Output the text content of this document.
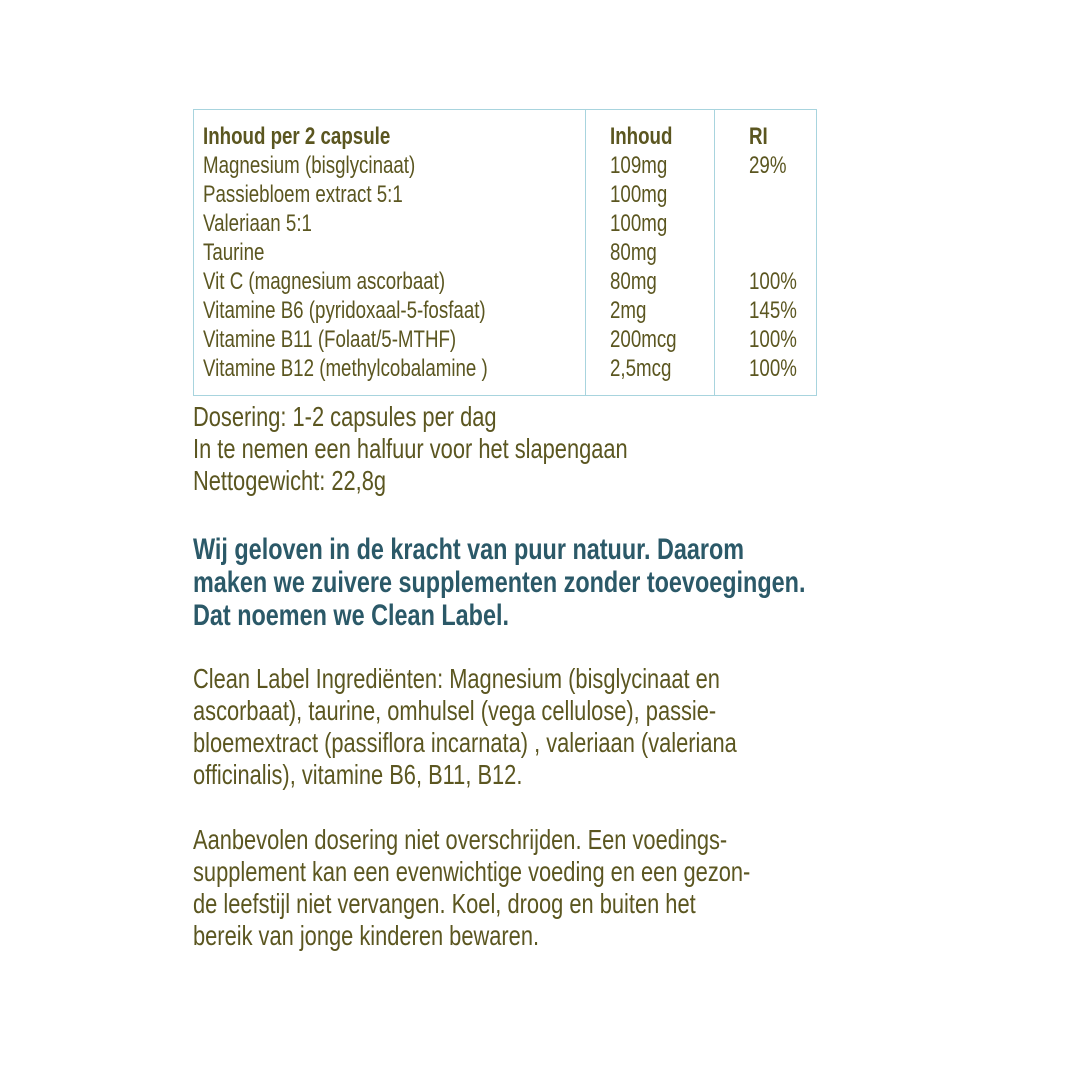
Inhoud per 2 capsule
Magnesium (bisglycinaat)
Passiebloem extract 5:1
Valeriaan 5:1
Taurine
Vit C (magnesium ascorbaat)
Vitamine B6 (pyridoxaal-5-fosfaat)
Vitamine B11 (Folaat/5-MTHF)
Vitamine B12 (methylcobalamine )
Inhoud
109mg
100mg
100mg
80mg
80mg
2mg
200mcg
2,5mcg
RI
29%

100%
145%
100%
100%
Dosering: 1-2 capsules per dag
In te nemen een halfuur voor het slapengaan
Nettogewicht: 22,8g
Wij geloven in de kracht van puur natuur. Daarom
maken we zuivere supplementen zonder toevoegingen.
Dat noemen we Clean Label.
Clean Label Ingrediënten: Magnesium (bisglycinaat en
ascorbaat), taurine, omhulsel (vega cellulose), passie-
bloemextract (passiflora incarnata) , valeriaan (valeriana
officinalis), vitamine B6, B11, B12.
Aanbevolen dosering niet overschrijden. Een voedings-
supplement kan een evenwichtige voeding en een gezon-
de leefstijl niet vervangen. Koel, droog en buiten het
bereik van jonge kinderen bewaren.
